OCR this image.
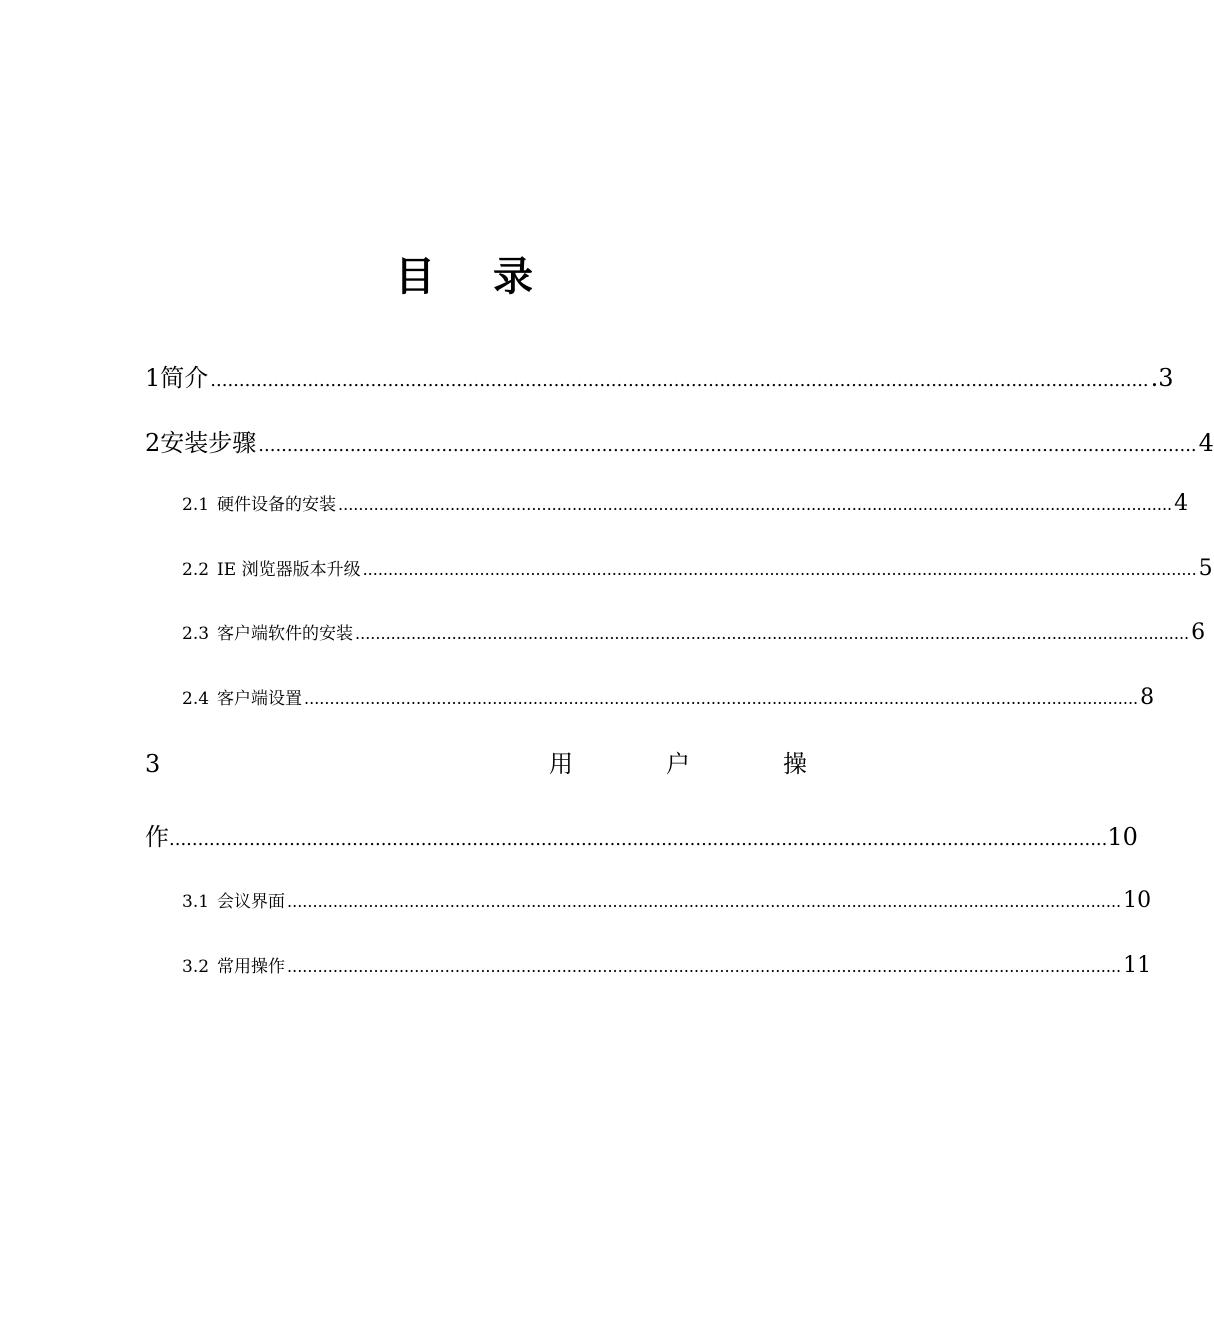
目 录
1 简介 .................................................................................................................................................................... .3
2 安装步骤 .................................................................................................................................................................... 4
2.1 硬件设备的安装 .................................................................................................................................................................... 4
2.2 IE 浏览器版本升级 .................................................................................................................................................................... 5
2.3 客户端软件的安装 .................................................................................................................................................................... 6
2.4 客户端设置 .................................................................................................................................................................... 8
3	用	户	操
作 .................................................................................................................................................................... 10
3.1 会议界面 .................................................................................................................................................................... 10
3.2 常用操作 .................................................................................................................................................................... 11
